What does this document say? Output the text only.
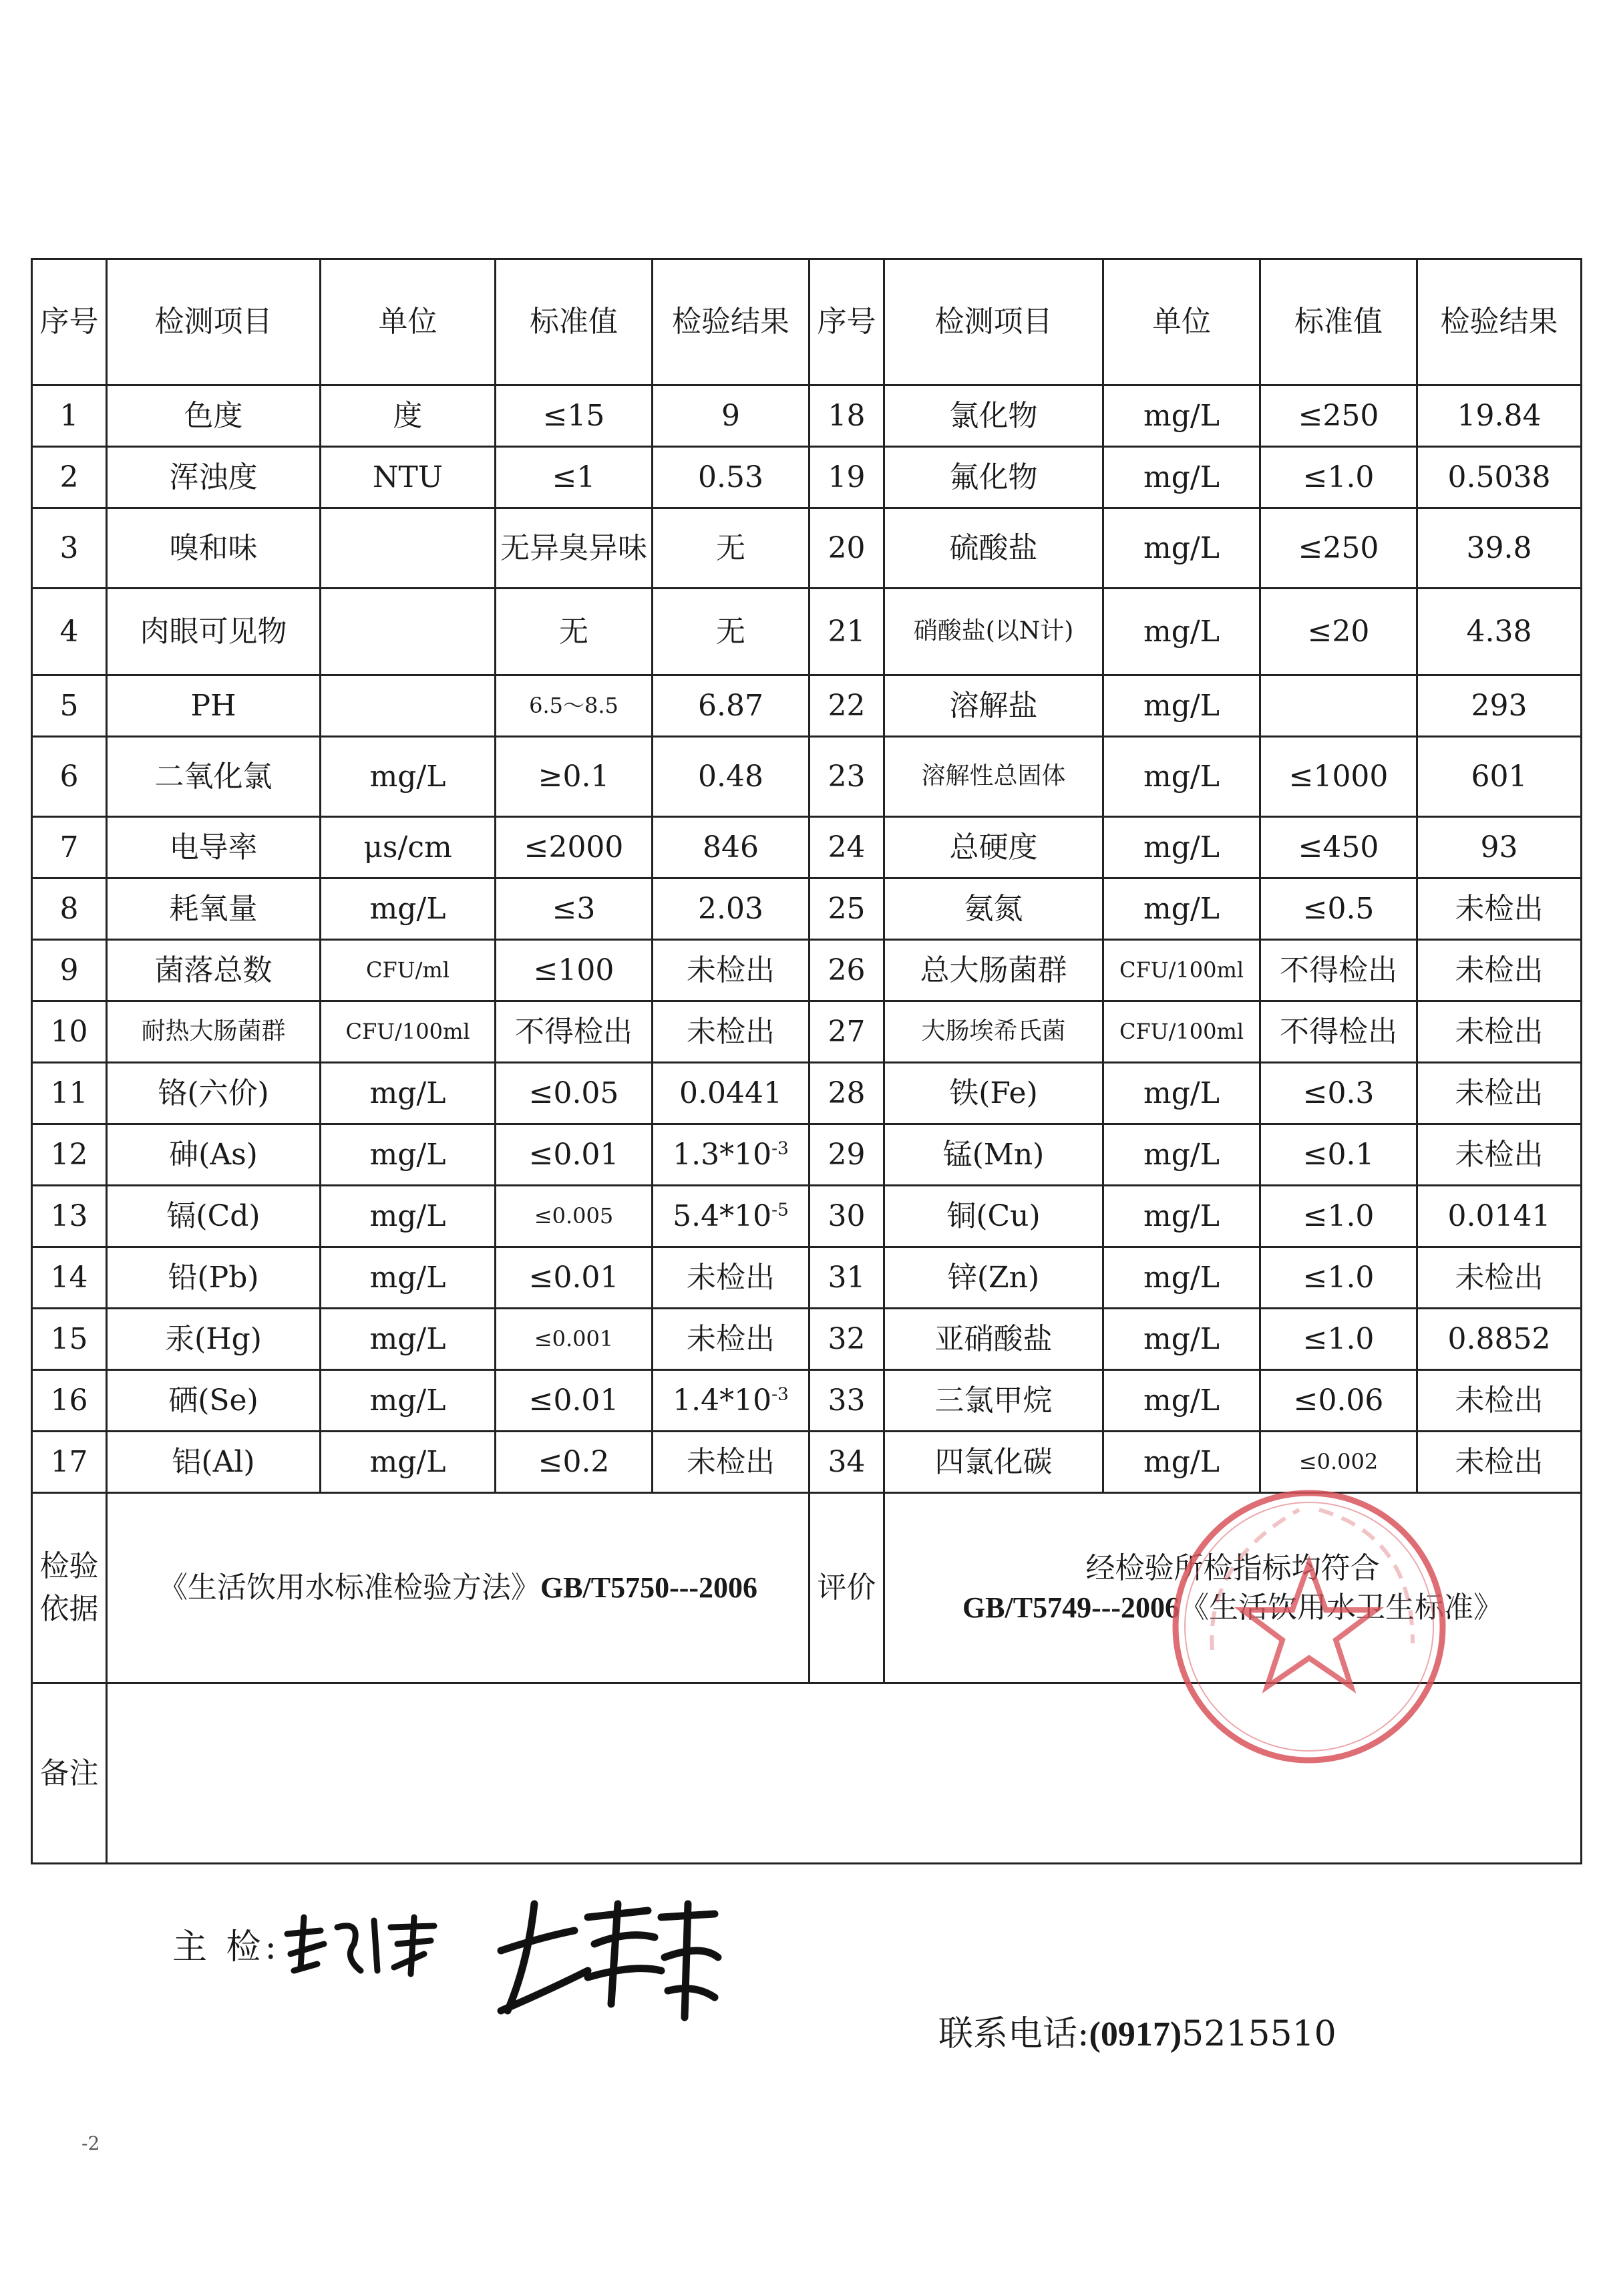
序号	检测项目	单位	标准值	检验结果	序号	检测项目	单位	标准值	检验结果
1	色度	度	≤15	9	18	氯化物	mg/L	≤250	19.84
2	浑浊度	NTU	≤1	0.53	19	氟化物	mg/L	≤1.0	0.5038
3	嗅和味		无异臭异味	无	20	硫酸盐	mg/L	≤250	39.8
4	肉眼可见物		无	无	21	硝酸盐(以N计)	mg/L	≤20	4.38
5	PH		6.5～8.5	6.87	22	溶解盐	mg/L		293
6	二氧化氯	mg/L	≥0.1	0.48	23	溶解性总固体	mg/L	≤1000	601
7	电导率	μs/cm	≤2000	846	24	总硬度	mg/L	≤450	93
8	耗氧量	mg/L	≤3	2.03	25	氨氮	mg/L	≤0.5	未检出
9	菌落总数	CFU/ml	≤100	未检出	26	总大肠菌群	CFU/100ml	不得检出	未检出
10	耐热大肠菌群	CFU/100ml	不得检出	未检出	27	大肠埃希氏菌	CFU/100ml	不得检出	未检出
11	铬(六价)	mg/L	≤0.05	0.0441	28	铁(Fe)	mg/L	≤0.3	未检出
12	砷(As)	mg/L	≤0.01	$1.3*10^{-3}$	29	锰(Mn)	mg/L	≤0.1	未检出
13	镉(Cd)	mg/L	≤0.005	$5.4*10^{-5}$	30	铜(Cu)	mg/L	≤1.0	0.0141
14	铅(Pb)	mg/L	≤0.01	未检出	31	锌(Zn)	mg/L	≤1.0	未检出
15	汞(Hg)	mg/L	≤0.001	未检出	32	亚硝酸盐	mg/L	≤1.0	0.8852
16	硒(Se)	mg/L	≤0.01	$1.4*10^{-3}$	33	三氯甲烷	mg/L	≤0.06	未检出
17	铝(Al)	mg/L	≤0.2	未检出	34	四氯化碳	mg/L	≤0.002	未检出
检验依据	《生活饮用水标准检验方法》GB/T5750---2006				评价	经检验所检指标均符合
GB/T5749---2006《生活饮用水卫生标准》			

备注									
主 检:
联系电话:(0917)5215510
-2
